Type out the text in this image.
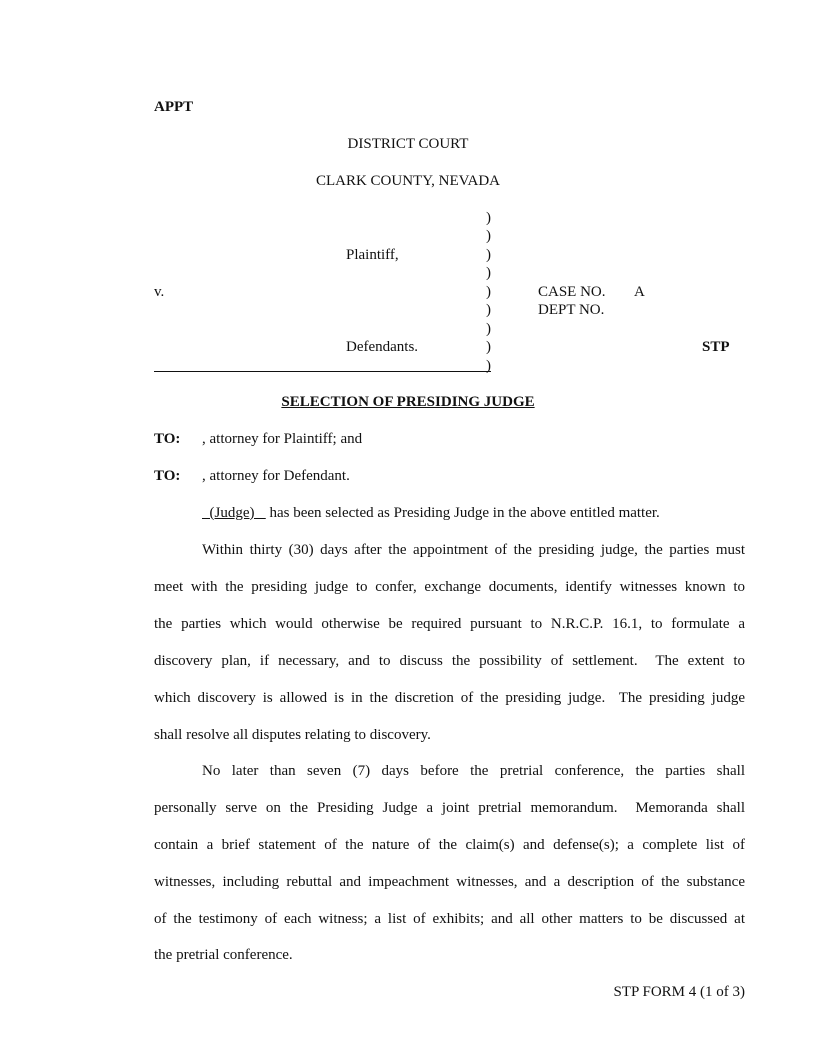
APPT
DISTRICT COURT
CLARK COUNTY, NEVADA
)
)
)
)
)
)
)
)
)
Plaintiff,
v.
Defendants.
CASE NO. A
DEPT NO.
STP
SELECTION OF PRESIDING JUDGE
TO: , attorney for Plaintiff; and
TO: , attorney for Defendant.
(Judge)    has been selected as Presiding Judge in the above entitled matter.
Within thirty (30) days after the appointment of the presiding judge, the parties must
meet with the presiding judge to confer, exchange documents, identify witnesses known to
the parties which would otherwise be required pursuant to N.R.C.P. 16.1, to formulate a
discovery plan, if necessary, and to discuss the possibility of settlement.  The extent to
which discovery is allowed is in the discretion of the presiding judge.  The presiding judge
shall resolve all disputes relating to discovery.
No later than seven (7) days before the pretrial conference, the parties shall
personally serve on the Presiding Judge a joint pretrial memorandum.  Memoranda shall
contain a brief statement of the nature of the claim(s) and defense(s); a complete list of
witnesses, including rebuttal and impeachment witnesses, and a description of the substance
of the testimony of each witness; a list of exhibits; and all other matters to be discussed at
the pretrial conference.
STP FORM 4 (1 of 3)
